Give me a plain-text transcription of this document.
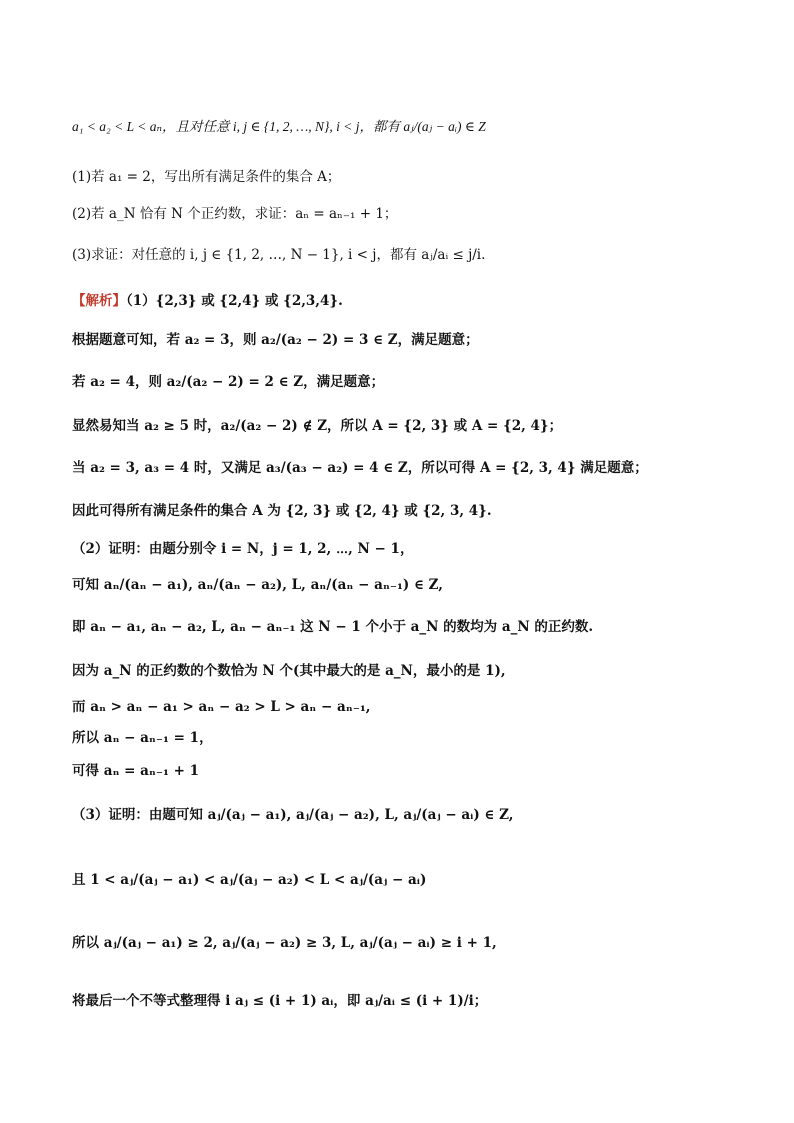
a₁ < a₂ < L < aₙ，且对任意 i, j ∈ {1, 2, …, N}, i < j，都有 aⱼ/(aⱼ − aᵢ) ∈ Z
(1)若 a₁ = 2，写出所有满足条件的集合 A；
(2)若 a_N 恰有 N 个正约数，求证：aₙ = aₙ₋₁ + 1；
(3)求证：对任意的 i, j ∈ {1, 2, …, N − 1}, i < j，都有 aⱼ/aᵢ ≤ j/i.
【解析】（1）{2,3} 或 {2,4} 或 {2,3,4}.
根据题意可知，若 a₂ = 3，则 a₂/(a₂ − 2) = 3 ∈ Z，满足题意；
若 a₂ = 4，则 a₂/(a₂ − 2) = 2 ∈ Z，满足题意；
显然易知当 a₂ ≥ 5 时，a₂/(a₂ − 2) ∉ Z，所以 A = {2, 3} 或 A = {2, 4}；
当 a₂ = 3, a₃ = 4 时，又满足 a₃/(a₃ − a₂) = 4 ∈ Z，所以可得 A = {2, 3, 4} 满足题意；
因此可得所有满足条件的集合 A 为 {2, 3} 或 {2, 4} 或 {2, 3, 4}.
（2）证明：由题分别令 i = N，j = 1, 2, ⋯, N − 1，
可知 aₙ/(aₙ − a₁), aₙ/(aₙ − a₂), L, aₙ/(aₙ − aₙ₋₁) ∈ Z,
即 aₙ − a₁, aₙ − a₂, L, aₙ − aₙ₋₁ 这 N − 1 个小于 a_N 的数均为 a_N 的正约数.
因为 a_N 的正约数的个数恰为 N 个(其中最大的是 a_N，最小的是 1),
而 aₙ > aₙ − a₁ > aₙ − a₂ > L > aₙ − aₙ₋₁,
所以 aₙ − aₙ₋₁ = 1，
可得 aₙ = aₙ₋₁ + 1
（3）证明：由题可知 aⱼ/(aⱼ − a₁), aⱼ/(aⱼ − a₂), L, aⱼ/(aⱼ − aᵢ) ∈ Z,
且 1 < aⱼ/(aⱼ − a₁) < aⱼ/(aⱼ − a₂) < L < aⱼ/(aⱼ − aᵢ)
所以 aⱼ/(aⱼ − a₁) ≥ 2, aⱼ/(aⱼ − a₂) ≥ 3, L, aⱼ/(aⱼ − aᵢ) ≥ i + 1,
将最后一个不等式整理得 i aⱼ ≤ (i + 1) aᵢ，即 aⱼ/aᵢ ≤ (i + 1)/i；
